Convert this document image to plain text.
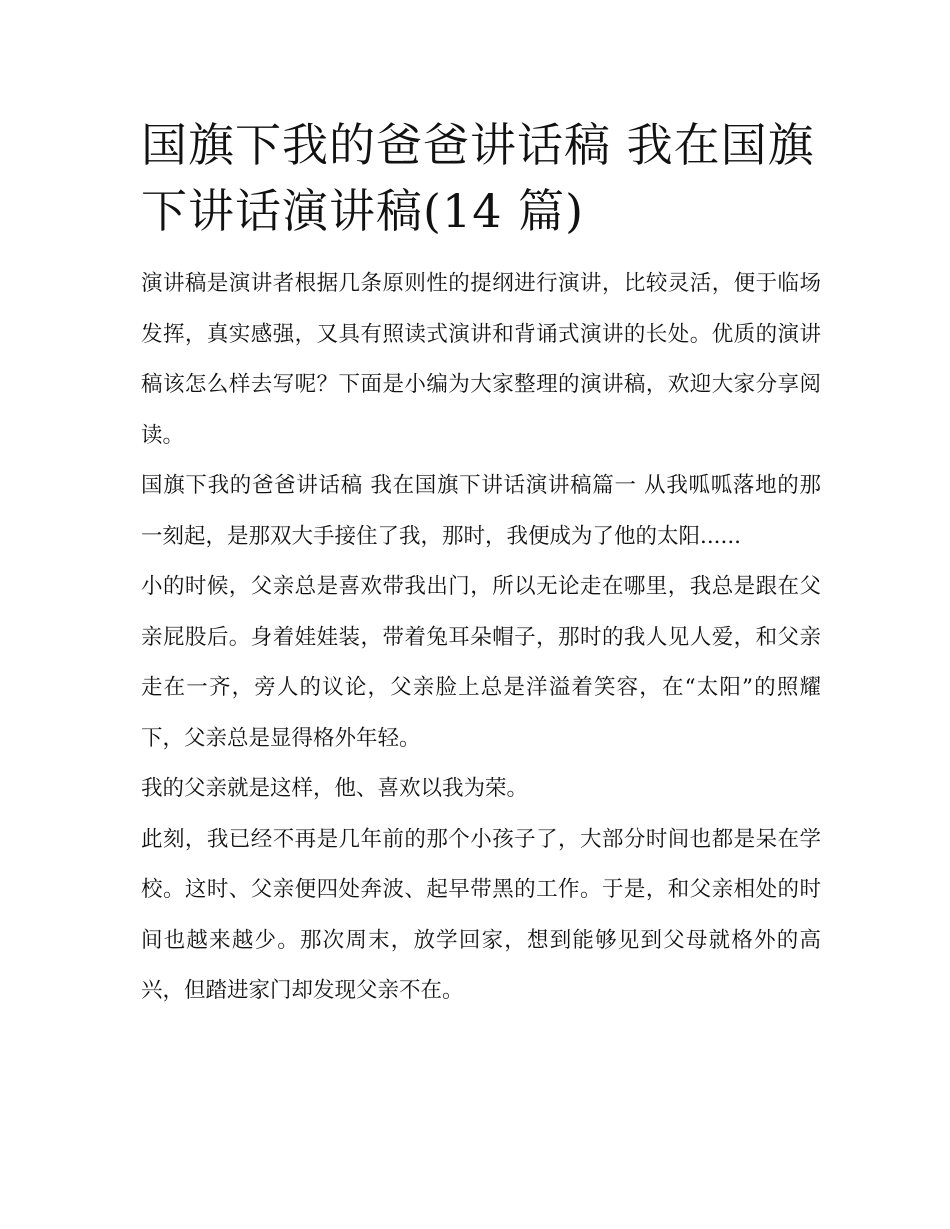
国旗下我的爸爸讲话稿 我在国旗下讲话演讲稿(14 篇)

演讲稿是演讲者根据几条原则性的提纲进行演讲，比较灵活，便于临场发挥，真实感强，又具有照读式演讲和背诵式演讲的长处。优质的演讲稿该怎么样去写呢？下面是小编为大家整理的演讲稿，欢迎大家分享阅读。

国旗下我的爸爸讲话稿 我在国旗下讲话演讲稿篇一 从我呱呱落地的那一刻起，是那双大手接住了我，那时，我便成为了他的太阳......

小的时候，父亲总是喜欢带我出门，所以无论走在哪里，我总是跟在父亲屁股后。身着娃娃装，带着兔耳朵帽子，那时的我人见人爱，和父亲走在一齐，旁人的议论，父亲脸上总是洋溢着笑容，在“太阳”的照耀下，父亲总是显得格外年轻。

我的父亲就是这样，他、喜欢以我为荣。

此刻，我已经不再是几年前的那个小孩子了，大部分时间也都是呆在学校。这时、父亲便四处奔波、起早带黑的工作。于是，和父亲相处的时间也越来越少。那次周末，放学回家，想到能够见到父母就格外的高兴，但踏进家门却发现父亲不在。
